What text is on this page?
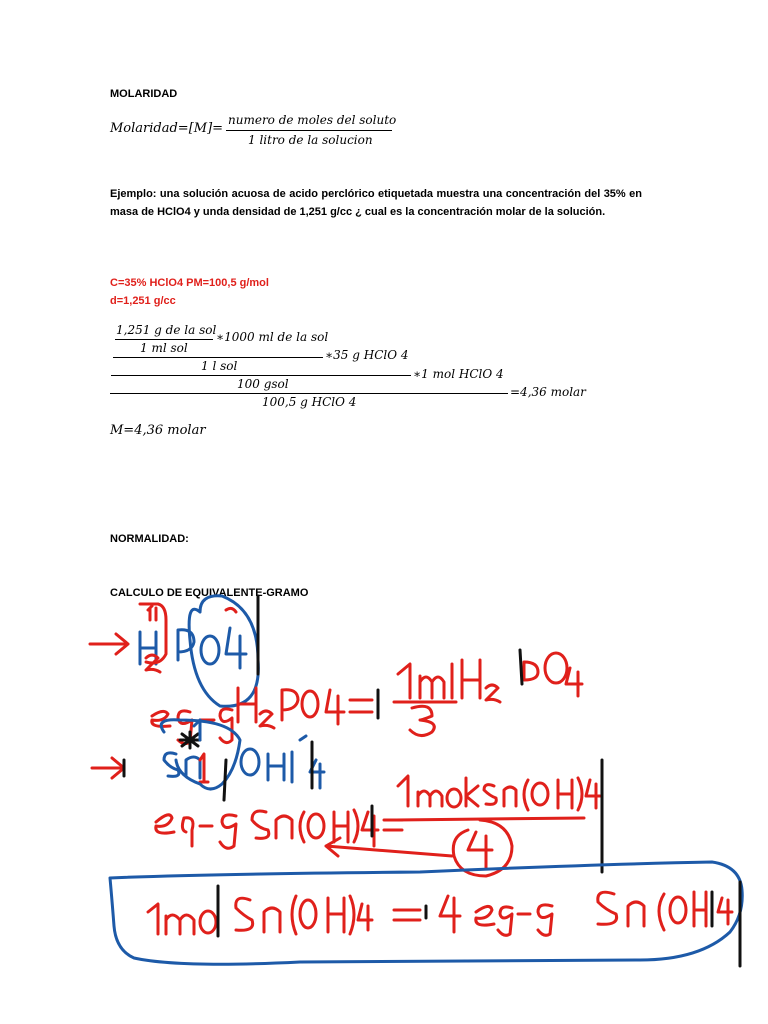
MOLARIDAD
Molaridad=[M]=
numero de moles del soluto
1 litro de la solucion
Ejemplo: una solución acuosa de acido perclórico etiquetada muestra una concentración del 35% en masa de HClO4 y unda densidad de 1,251 g/cc ¿ cual es la concentración molar de la solución.
C=35% HClO4 PM=100,5 g/mol
d=1,251 g/cc
1,251 g de la sol ∗1000 ml de la sol
1 ml sol	∗35 g HClO 4
1 l sol
∗1 mol HClO 4
100 gsol
=4,36 molar
100,5 g HClO 4
M=4,36 molar
NORMALIDAD:
CALCULO DE EQUIVALENTE-GRAMO
